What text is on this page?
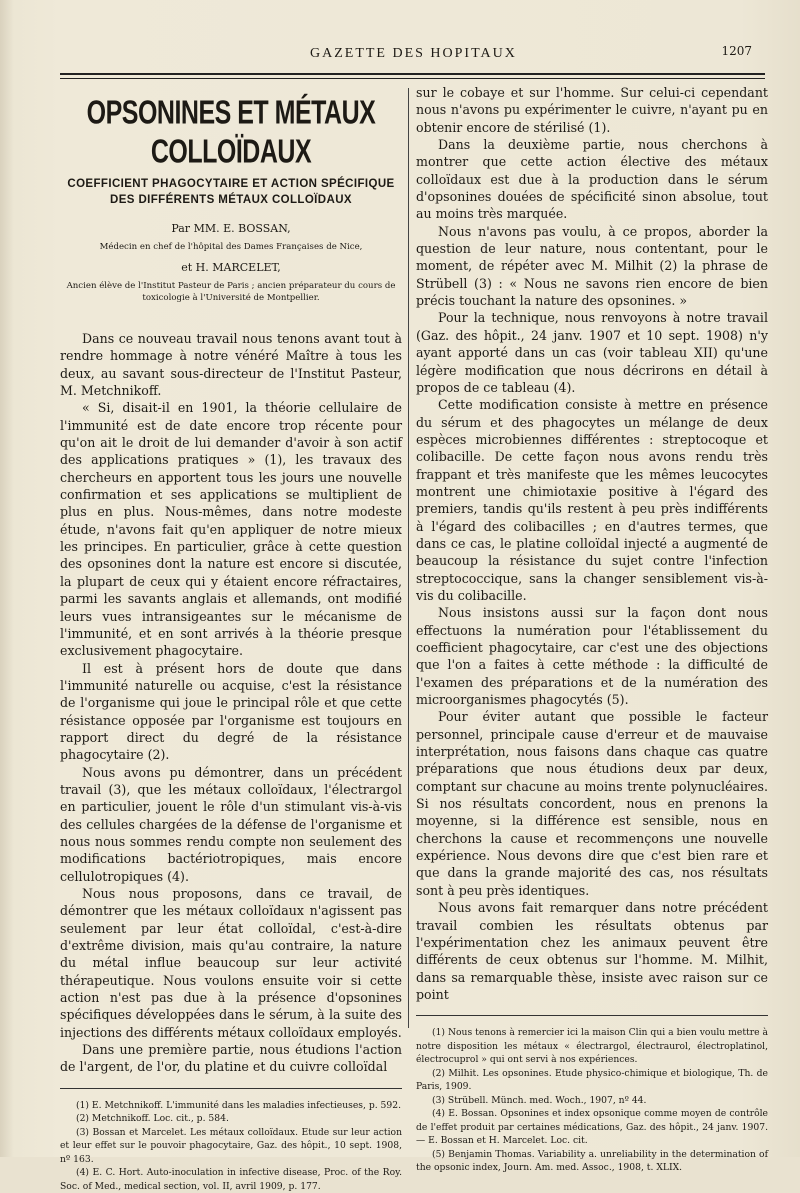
GAZETTE DES HOPITAUX	1207
OPSONINES ET MÉTAUX COLLOÏDAUX
COEFFICIENT PHAGOCYTAIRE ET ACTION SPÉCIFIQUE
DES DIFFÉRENTS MÉTAUX COLLOÏDAUX
Par MM. E. BOSSAN,
Médecin en chef de l'hôpital des Dames Françaises de Nice,
et H. MARCELET,
Ancien élève de l'Institut Pasteur de Paris ; ancien préparateur du cours de toxicologie à l'Université de Montpellier.

Dans ce nouveau travail nous tenons avant tout à rendre hommage à notre vénéré Maître à tous les deux, au savant sous-directeur de l'Institut Pasteur, M. Metchnikoff.

« Si, disait-il en 1901, la théorie cellulaire de l'immunité est de date encore trop récente pour qu'on ait le droit de lui demander d'avoir à son actif des applications pratiques » (1), les travaux des chercheurs en apportent tous les jours une nouvelle confirmation et ses applications se multiplient de plus en plus. Nous-mêmes, dans notre modeste étude, n'avons fait qu'en appliquer de notre mieux les principes. En particulier, grâce à cette question des opsonines dont la nature est encore si discutée, la plupart de ceux qui y étaient encore réfractaires, parmi les savants anglais et allemands, ont modifié leurs vues intransigeantes sur le mécanisme de l'immunité, et en sont arrivés à la théorie presque exclusivement phagocytaire.

Il est à présent hors de doute que dans l'immunité naturelle ou acquise, c'est la résistance de l'organisme qui joue le principal rôle et que cette résistance opposée par l'organisme est toujours en rapport direct du degré de la résistance phagocytaire (2).

Nous avons pu démontrer, dans un précédent travail (3), que les métaux colloïdaux, l'électrargol en particulier, jouent le rôle d'un stimulant vis-à-vis des cellules chargées de la défense de l'organisme et nous nous sommes rendu compte non seulement des modifications bactériotropiques, mais encore cellulotropiques (4).

Nous nous proposons, dans ce travail, de démontrer que les métaux colloïdaux n'agissent pas seulement par leur état colloïdal, c'est-à-dire d'extrême division, mais qu'au contraire, la nature du métal influe beaucoup sur leur activité thérapeutique. Nous voulons ensuite voir si cette action n'est pas due à la présence d'opsonines spécifiques développées dans le sérum, à la suite des injections des différents métaux colloïdaux employés.

Dans une première partie, nous étudions l'action de l'argent, de l'or, du platine et du cuivre colloïdal

(1) E. Metchnikoff. L'immunité dans les maladies infectieuses, p. 592.
(2) Metchnikoff. Loc. cit., p. 584.
(3) Bossan et Marcelet. Les métaux colloïdaux. Etude sur leur action et leur effet sur le pouvoir phagocytaire, Gaz. des hôpit., 10 sept. 1908, nº 163.
(4) E. C. Hort. Auto-inoculation in infective disease, Proc. of the Roy. Soc. of Med., medical section, vol. II, avril 1909, p. 177.

sur le cobaye et sur l'homme. Sur celui-ci cependant nous n'avons pu expérimenter le cuivre, n'ayant pu en obtenir encore de stérilisé (1).

Dans la deuxième partie, nous cherchons à montrer que cette action élective des métaux colloïdaux est due à la production dans le sérum d'opsonines douées de spécificité sinon absolue, tout au moins très marquée.

Nous n'avons pas voulu, à ce propos, aborder la question de leur nature, nous contentant, pour le moment, de répéter avec M. Milhit (2) la phrase de Strübell (3) : « Nous ne savons rien encore de bien précis touchant la nature des opsonines. »

Pour la technique, nous renvoyons à notre travail (Gaz. des hôpit., 24 janv. 1907 et 10 sept. 1908) n'y ayant apporté dans un cas (voir tableau XII) qu'une légère modification que nous décrirons en détail à propos de ce tableau (4).

Cette modification consiste à mettre en présence du sérum et des phagocytes un mélange de deux espèces microbiennes différentes : streptocoque et colibacille. De cette façon nous avons rendu très frappant et très manifeste que les mêmes leucocytes montrent une chimiotaxie positive à l'égard des premiers, tandis qu'ils restent à peu près indifférents à l'égard des colibacilles ; en d'autres termes, que dans ce cas, le platine colloïdal injecté a augmenté de beaucoup la résistance du sujet contre l'infection streptococcique, sans la changer sensiblement vis-à-vis du colibacille.

Nous insistons aussi sur la façon dont nous effectuons la numération pour l'établissement du coefficient phagocytaire, car c'est une des objections que l'on a faites à cette méthode : la difficulté de l'examen des préparations et de la numération des microorganismes phagocytés (5).

Pour éviter autant que possible le facteur personnel, principale cause d'erreur et de mauvaise interprétation, nous faisons dans chaque cas quatre préparations que nous étudions deux par deux, comptant sur chacune au moins trente polynucléaires. Si nos résultats concordent, nous en prenons la moyenne, si la différence est sensible, nous en cherchons la cause et recommençons une nouvelle expérience. Nous devons dire que c'est bien rare et que dans la grande majorité des cas, nos résultats sont à peu près identiques.

Nous avons fait remarquer dans notre précédent travail combien les résultats obtenus par l'expérimentation chez les animaux peuvent être différents de ceux obtenus sur l'homme. M. Milhit, dans sa remarquable thèse, insiste avec raison sur ce point

(1) Nous tenons à remercier ici la maison Clin qui a bien voulu mettre à notre disposition les métaux « électrargol, électraurol, électroplatinol, électrocuprol » qui ont servi à nos expériences.
(2) Milhit. Les opsonines. Etude physico-chimique et biologique, Th. de Paris, 1909.
(3) Strübell. Münch. med. Woch., 1907, nº 44.
(4) E. Bossan. Opsonines et index opsonique comme moyen de contrôle de l'effet produit par certaines médications, Gaz. des hôpit., 24 janv. 1907. — E. Bossan et H. Marcelet. Loc. cit.
(5) Benjamin Thomas. Variability a. unreliability in the determination of the opsonic index, Journ. Am. med. Assoc., 1908, t. XLIX.
